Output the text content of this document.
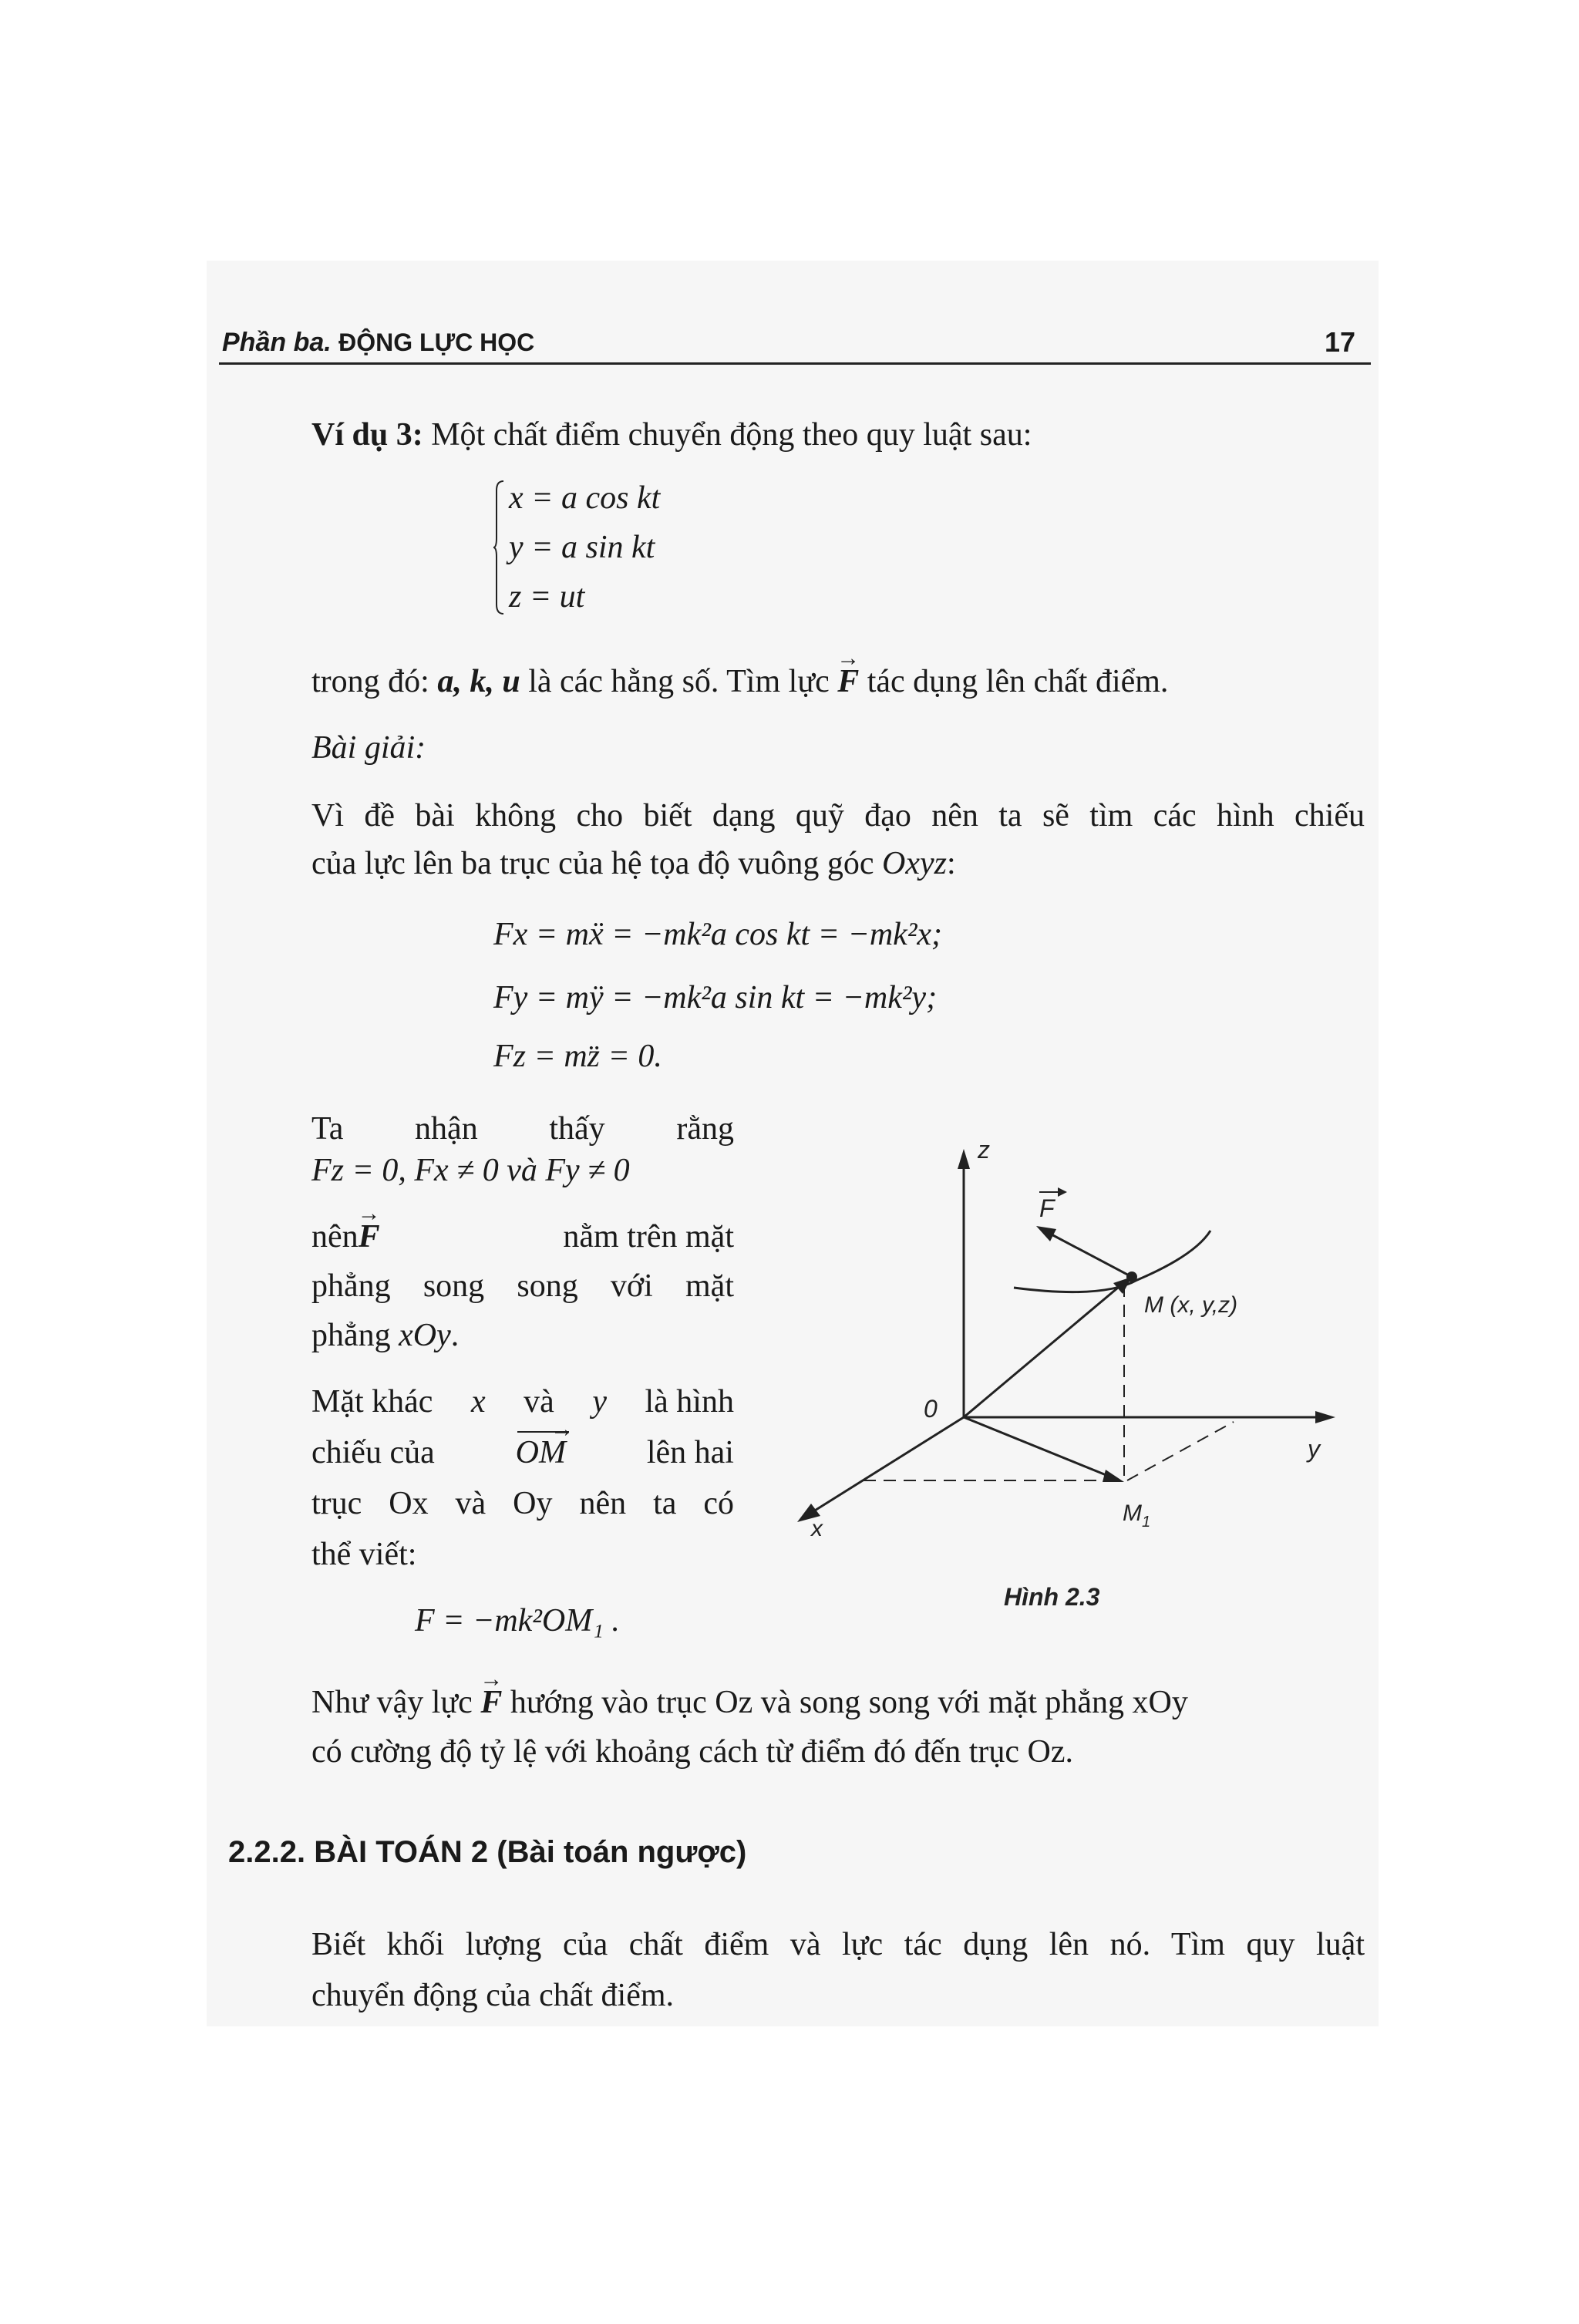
Phần ba. ĐỘNG LỰC HỌC	17
Ví dụ 3: Một chất điểm chuyển động theo quy luật sau:
x = a cos kt
y = a sin kt
z = ut
trong đó: a, k, u là các hằng số. Tìm lực → F tác dụng lên chất điểm.
Bài giải:
Vì đề bài không cho biết dạng quỹ đạo nên ta sẽ tìm các hình chiếu
của lực lên ba trục của hệ tọa độ vuông góc Oxyz:
Fx = mẍ = −mk²a cos kt = −mk²x;
Fy = mÿ = −mk²a sin kt = −mk²y;
Fz = mz̈ = 0.
Ta nhận thấy rằng
Fz = 0, Fx ≠ 0 và Fy ≠ 0
nên
→ F	nằm trên mặt
phẳng song song với mặt
phẳng xOy.
Mặt khác x và y là hình
chiếu của OM → lên hai
trục Ox và Oy nên ta có
thể viết:
F = −mk²OM₁ .
z
y
x
0
M (x, y,z)
F
$M_1$
Hình 2.3
Như vậy lực → F hướng vào trục Oz và song song với mặt phẳng xOy
có cường độ tỷ lệ với khoảng cách từ điểm đó đến trục Oz.
2.2.2. BÀI TOÁN 2 (Bài toán ngược)
Biết khối lượng của chất điểm và lực tác dụng lên nó. Tìm quy luật
chuyển động của chất điểm.
